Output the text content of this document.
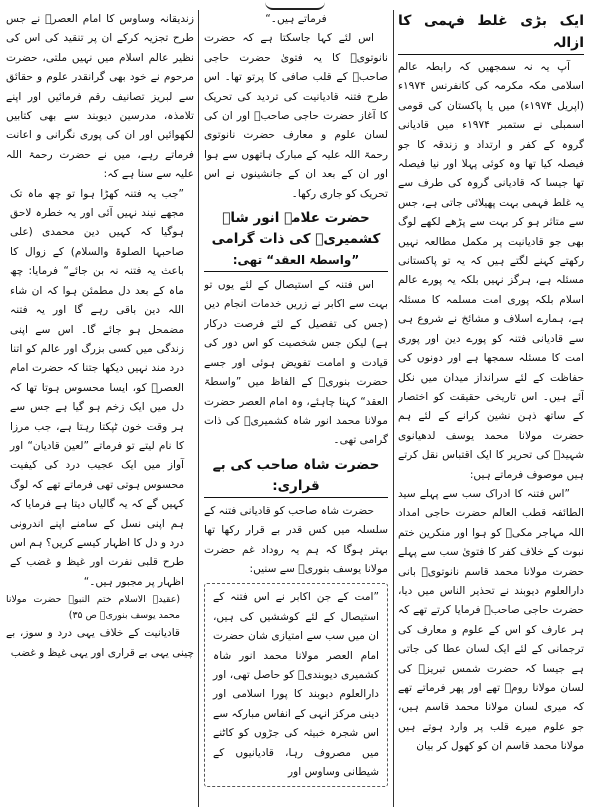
ایک بڑی غلط فہمی کا ازالہ

آپ یہ نہ سمجھیں کہ رابطہ عالم اسلامی مکہ مکرمہ کی کانفرنس ۱۹۷۴ء (اپریل ۱۹۷۴ء) میں یا پاکستان کی قومی اسمبلی نے ستمبر ۱۹۷۴ء میں قادیانی گروہ کے کفر و ارتداد و زندقہ کا جو فیصلہ کیا تھا وہ کوئی پہلا اور نیا فیصلہ تھا جیسا کہ قادیانی گروہ کی طرف سے یہ غلط فہمی بہت پھیلائی جاتی ہے، جس سے متاثر ہو کر بہت سے پڑھے لکھے لوگ بھی جو قادیانیت پر مکمل مطالعہ نہیں رکھتے کہنے لگتے ہیں کہ یہ تو پاکستانی مسئلہ ہے، ہرگز نہیں بلکہ یہ پورے عالم اسلام بلکہ پوری امت مسلمہ کا مسئلہ ہے، ہمارے اسلاف و مشائخ نے شروع ہی سے قادیانی فتنہ کو پورے دین اور پوری امت کا مسئلہ سمجھا ہے اور دونوں کی حفاظت کے لئے سرانداز میدان میں نکل آئے ہیں۔ اس تاریخی حقیقت کو اختصار کے ساتھ ذہن نشین کرانے کے لئے ہم حضرت مولانا محمد یوسف لدھیانوی شہیدؒ کی تحریر کا ایک اقتباس نقل کرتے ہیں موصوف فرماتے ہیں:

”اس فتنہ کا ادراک سب سے پہلے سید الطائفہ قطب العالم حضرت حاجی امداد اللہ مہاجر مکیؒ کو ہوا اور منکرین ختم نبوت کے خلاف کفر کا فتویٰ سب سے پہلے حضرت مولانا محمد قاسم نانوتویؒ بانی دارالعلوم دیوبند نے تحذیر الناس میں دیا، حضرت حاجی صاحبؒ فرمایا کرتے تھے کہ ہر عارف کو اس کے علوم و معارف کی ترجمانی کے لئے ایک لسان عطا کی جاتی ہے جیسا کہ حضرت شمس تبریزؒ کی لسان مولانا رومؒ تھے اور پھر فرماتے تھے کہ میری لسان مولانا محمد قاسم ہیں، جو علوم میرے قلب پر وارد ہوتے ہیں مولانا محمد قاسم ان کو کھول کر بیان

فرماتے ہیں۔“

اس لئے کہا جاسکتا ہے کہ حضرت نانوتویؒ کا یہ فتویٰ حضرت حاجی صاحبؒ کے قلب صافی کا پرتو تھا۔ اس طرح فتنہ قادیانیت کی تردید کی تحریک کا آغاز حضرت حاجی صاحبؒ اور ان کی لسان علوم و معارف حضرت نانوتوی رحمۃ اللہ علیہ کے مبارک ہاتھوں سے ہوا اور ان کے بعد ان کے جانشینوں نے اس تحریک کو جاری رکھا۔

حضرت علامہ انور شاہ کشمیریؒ کی ذات گرامی
”واسطۃ العقد“ تھی:

اس فتنہ کے استیصال کے لئے یوں تو بہت سے اکابر نے زریں خدمات انجام دیں (جس کی تفصیل کے لئے فرصت درکار ہے) لیکن جس شخصیت کو اس دور کی قیادت و امامت تفویض ہوئی اور جسے حضرت بنوریؒ کے الفاظ میں ”واسطۃ العقد“ کہنا چاہئے، وہ امام العصر حضرت مولانا محمد انور شاہ کشمیریؒ کی ذات گرامی تھی۔

حضرت شاہ صاحب کی بے قراری:

حضرت شاہ صاحب کو قادیانی فتنہ کے سلسلہ میں کس قدر بے قرار رکھا تھا بہتر ہوگا کہ ہم یہ روداد غم حضرت مولانا یوسف بنوریؒ سے سنیں:

”امت کے جن اکابر نے اس فتنہ کے استیصال کے لئے کوششیں کی ہیں، ان میں سب سے امتیازی شان حضرت امام العصر مولانا محمد انور شاہ کشمیری دیوبندیؒ کو حاصل تھی، اور دارالعلوم دیوبند کا پورا اسلامی اور دینی مرکز انہی کے انفاس مبارکہ سے اس شجرہ خبیثہ کی جڑوں کو کاٹنے میں مصروف رہا، قادیانیوں کے شیطانی وساوس اور

زندیقانہ وساوس کا امام العصرؒ نے جس طرح تجزیہ کرکے ان پر تنقید کی اس کی نظیر عالم اسلام میں نہیں ملتی، حضرت مرحوم نے خود بھی گرانقدر علوم و حقائق سے لبریز تصانیف رقم فرمائیں اور اپنے تلامذہ، مدرسین دیوبند سے بھی کتابیں لکھوائیں اور ان کی پوری نگرانی و اعانت فرماتے رہے، میں نے حضرت رحمۃ اللہ علیہ سے سنا ہے کہ:

”جب یہ فتنہ کھڑا ہوا تو چھ ماہ تک مجھے نیند نہیں آئی اور یہ خطرہ لاحق ہوگیا کہ کہیں دین محمدی (علی صاحبہا الصلوۃ والسلام) کے زوال کا باعث یہ فتنہ نہ بن جائے“ فرمایا: چھ ماہ کے بعد دل مطمئن ہوا کہ ان شاء اللہ دین باقی رہے گا اور یہ فتنہ مضمحل ہو جائے گا۔ اس سے اپنی زندگی میں کسی بزرگ اور عالم کو اتنا درد مند نہیں دیکھا جتنا کہ حضرت امام العصرؒ کو، ایسا محسوس ہوتا تھا کہ دل میں ایک زخم ہو گیا ہے جس سے ہر وقت خون ٹپکتا رہتا ہے، جب مرزا کا نام لیتے تو فرماتے ”لعین قادیان“ اور آواز میں ایک عجیب درد کی کیفیت محسوس ہوتی تھی فرماتے تھے کہ لوگ کہیں گے کہ یہ گالیاں دیتا ہے فرمایا کہ ہم اپنی نسل کے سامنے اپنے اندرونی درد و دل کا اظہار کیسے کریں؟ ہم اس طرح قلبی نفرت اور غیظ و غضب کے اظہار پر مجبور ہیں۔“

(عقیدۃ الاسلام ختم النبوۃ حضرت مولانا محمد یوسف بنوریؒ ص ۳۵)

قادیانیت کے خلاف یہی درد و سوز، بے چینی یہی بے قراری اور یہی غیظ و غضب
